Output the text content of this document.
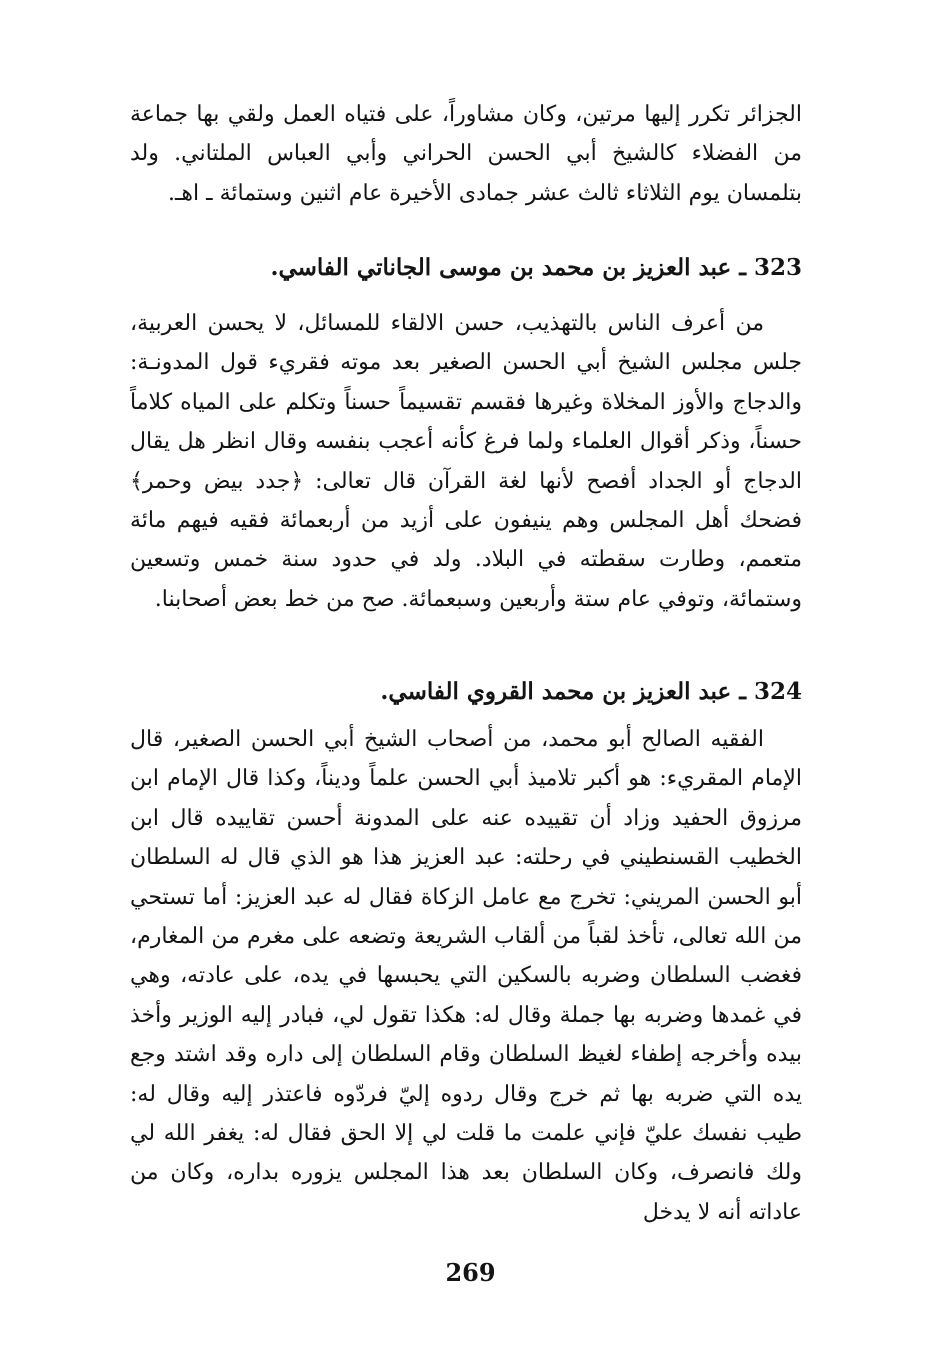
الجزائر تكرر إليها مرتين، وكان مشاوراً، على فتياه العمل ولقي بها جماعة من الفضلاء كالشيخ أبي الحسن الحراني وأبي العباس الملتاني. ولد بتلمسان يوم الثلاثاء ثالث عشر جمادى الأخيرة عام اثنين وستمائة ـ اهـ.

323 ـ عبد العزيز بن محمد بن موسى الجاناتي الفاسي.

من أعرف الناس بالتهذيب، حسن الالقاء للمسائل، لا يحسن العربية، جلس مجلس الشيخ أبي الحسن الصغير بعد موته فقريء قول المدونـة: والدجاج والأوز المخلاة وغيرها فقسم تقسيماً حسناً وتكلم على المياه كلاماً حسناً، وذكر أقوال العلماء ولما فرغ كأنه أعجب بنفسه وقال انظر هل يقال الدجاج أو الجداد أفصح لأنها لغة القرآن قال تعالى: ﴿جدد بيض وحمر﴾ فضحك أهل المجلس وهم ينيفون على أزيد من أربعمائة فقيه فيهم مائة متعمم، وطارت سقطته في البلاد. ولد في حدود سنة خمس وتسعين وستمائة، وتوفي عام ستة وأربعين وسبعمائة. صح من خط بعض أصحابنا.

324 ـ عبد العزيز بن محمد القروي الفاسي.

الفقيه الصالح أبو محمد، من أصحاب الشيخ أبي الحسن الصغير، قال الإمام المقريء: هو أكبر تلاميذ أبي الحسن علماً وديناً، وكذا قال الإمام ابن مرزوق الحفيد وزاد أن تقييده عنه على المدونة أحسن تقاييده قال ابن الخطيب القسنطيني في رحلته: عبد العزيز هذا هو الذي قال له السلطان أبو الحسن المريني: تخرج مع عامل الزكاة فقال له عبد العزيز: أما تستحي من الله تعالى، تأخذ لقباً من ألقاب الشريعة وتضعه على مغرم من المغارم، فغضب السلطان وضربه بالسكين التي يحبسها في يده، على عادته، وهي في غمدها وضربه بها جملة وقال له: هكذا تقول لي، فبادر إليه الوزير وأخذ بيده وأخرجه إطفاء لغيظ السلطان وقام السلطان إلى داره وقد اشتد وجع يده التي ضربه بها ثم خرج وقال ردوه إليّ فردّوه فاعتذر إليه وقال له: طيب نفسك عليّ فإني علمت ما قلت لي إلا الحق فقال له: يغفر الله لي ولك فانصرف، وكان السلطان بعد هذا المجلس يزوره بداره، وكان من عاداته أنه لا يدخل

269
